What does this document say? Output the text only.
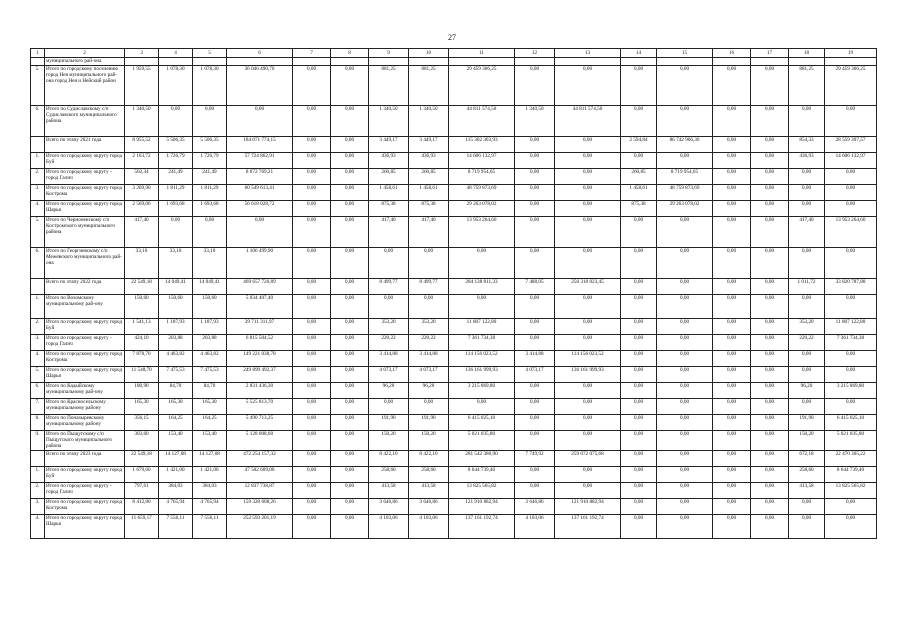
27
1	2	3	4	5	6	7	8	9	10	11	12	13	14	15	16	17	18	19
	муниципального рай-она																	
5.	Итого по городскому поселению город Нея муниципального рай-она город Нея и Нейский район	1 959,55	1 078,30	1 078,30	36 046 490,70	0,00	0,00	881,25	881,25	29 459 306,25	0,00	0,00	0,00	0,00	0,00	0,00	881,25	29 459 306,25
6.	Итого по Судиславскому с/п Судиславского муниципального района	1 340,50	0,00	0,00	0,00	0,00	0,00	1 340,50	1 340,50	44 811 574,50	1 340,50	44 811 574,50	0,00	0,00	0,00	0,00	0,00	0,00
	Всего по этапу 2021 года	8 955,52	5 506,35	5 506,35	184 071 774,15	0,00	0,00	3 449,17	3 449,17	115 302 303,93	0,00	0,00	2 594,84	86 742 906,36	0,00	0,00	854,33	28 559 397,57
1.	Итого по городскому округу город Буй	2 163,72	1 726,79	1 726,79	57 724 862,91	0,00	0,00	436,93	436,93	14 606 132,97	0,00	0,00	0,00	0,00	0,00	0,00	436,93	14 606 132,97
2.	Итого по городскому округу - город Галич	502,34	241,49	241,49	8 072 769,21	0,00	0,00	260,85	260,85	8 719 954,65	0,00	0,00	260,85	8 719 954,65	0,00	0,00	0,00	0,00
3.	Итого по городскому округу город Кострома	3 269,90	1 811,29	1 811,29	60 549 613,41	0,00	0,00	1 458,61	1 458,61	48 759 873,69	0,00	0,00	1 458,61	48 759 873,69	0,00	0,00	0,00	0,00
4.	Итого по городскому округу город Шарья	2 569,06	1 693,68	1 693,68	56 618 028,72	0,00	0,00	875,38	875,38	29 263 078,02	0,00	0,00	875,38	29 263 078,02	0,00	0,00	0,00	0,00
5.	Итого по Чернопенскому с/п Костромского муниципального района	417,40	0,00	0,00	0,00	0,00	0,00	417,40	417,40	13 953 264,60	0,00	0,00	0,00	0,00	0,00	0,00	417,40	13 953 264,60
6.	Итого по Георгиевскому с/п Межевского муниципального рай-она	33,10	33,10	33,10	1 106 499,90	0,00	0,00	0,00	0,00	0,00	0,00	0,00	0,00	0,00	0,00	0,00	0,00	0,00
	Всего по этапу 2022 года	22 549,18	14 049,41	14 049,41	469 657 726,89	0,00	0,00	8 499,77	8 499,77	284 138 811,33	7 488,05	250 318 023,45	0,00	0,00	0,00	0,00	1 011,72	33 820 787,88
1.	Итого по Вохомскому муниципальному рай-ону	150,60	150,60	150,60	5 034 407,40	0,00	0,00	0,00	0,00	0,00	0,00	0,00	0,00	0,00	0,00	0,00	0,00	0,00
2.	Итого по городскому округу город Буй	1 541,13	1 187,93	1 187,93	39 711 311,97	0,00	0,00	353,20	353,20	11 807 122,80	0,00	0,00	0,00	0,00	0,00	0,00	353,20	11 807 122,80
3.	Итого по городскому округу - город Галич	424,10	203,88	203,88	6 815 504,52	0,00	0,00	220,22	220,22	7 361 734,38	0,00	0,00	0,00	0,00	0,00	0,00	220,22	7 361 734,38
4.	Итого по городскому округу город Кострома	7 878,70	4 463,82	4 463,82	149 221 038,78	0,00	0,00	3 414,88	3 414,88	114 156 023,52	3 414,88	114 156 023,52	0,00	0,00	0,00	0,00	0,00	0,00
5.	Итого по городскому округу город Шарья	11 548,70	7 475,53	7 475,53	249 899 492,37	0,00	0,00	4 073,17	4 073,17	136 161 999,93	4 073,17	136 161 999,93	0,00	0,00	0,00	0,00	0,00	0,00
6.	Итого по Кадыйскому муниципальному рай-ону	180,90	84,70	84,70	2 831 436,30	0,00	0,00	96,20	96,20	3 215 869,80	0,00	0,00	0,00	0,00	0,00	0,00	96,20	3 215 869,80
7.	Итого по Красносельскому муниципальному району	165,30	165,30	165,30	5 525 813,70	0,00	0,00	0,00	0,00	0,00	0,00	0,00	0,00	0,00	0,00	0,00	0,00	0,00
8.	Итого по Поназыревскому муниципальному району	356,15	164,25	164,25	5 490 713,25	0,00	0,00	191,90	191,90	6 415 025,10	0,00	0,00	0,00	0,00	0,00	0,00	191,90	6 415 025,10
9.	Итого по Пыщугскому с/п Пыщугского муниципального района	303,60	153,40	153,40	5 128 008,60	0,00	0,00	150,20	150,20	5 021 035,80	0,00	0,00	0,00	0,00	0,00	0,00	150,20	5 021 035,80
	Всего по этапу 2023 года	22 549,18	14 127,08	14 127,08	472 254 157,32	0,00	0,00	8 422,10	8 422,10	281 542 380,90	7 749,92	259 072 075,68	0,00	0,00	0,00	0,00	672,18	22 470 305,22
1.	Итого по городскому округу город Буй	1 679,60	1 421,00	1 421,00	47 502 609,00	0,00	0,00	258,60	258,60	8 644 739,40	0,00	0,00	0,00	0,00	0,00	0,00	258,60	8 644 739,40
2.	Итого по городскому округу - город Галич	797,61	384,03	384,03	12 837 738,87	0,00	0,00	413,58	413,58	13 825 565,82	0,00	0,00	0,00	0,00	0,00	0,00	413,58	13 825 565,82
3.	Итого по городскому округу город Кострома	8 412,80	4 765,94	4 765,94	159 320 608,26	0,00	0,00	3 646,86	3 646,86	121 910 882,94	3 646,86	121 910 882,94	0,00	0,00	0,00	0,00	0,00	0,00
4.	Итого по городскому округу город Шарья	11 659,17	7 556,11	7 556,11	252 593 201,19	0,00	0,00	4 103,06	4 103,06	137 161 192,74	4 103,06	137 161 192,74	0,00	0,00	0,00	0,00	0,00	0,00
